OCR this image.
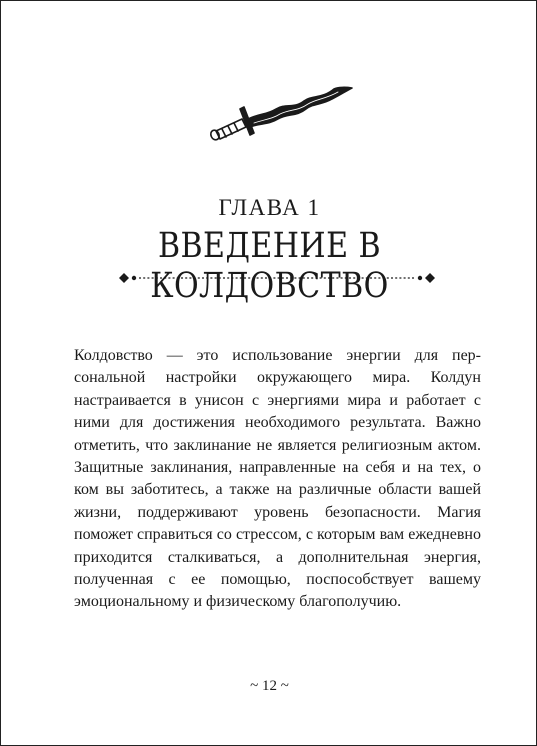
ГЛАВА 1
ВВЕДЕНИЕ В КОЛДОВСТВО

Колдовство — это использование энергии для персональной настройки окружающего мира. Колдун настраивается в унисон с энергиями мира и работает с ними для достижения необходимого результата. Важно отметить, что заклинание не является религиозным актом. Защитные заклинания, направленные на себя и на тех, о ком вы заботитесь, а также на различные области вашей жизни, поддерживают уровень безопасности. Магия поможет справиться со стрессом, с которым вам ежедневно приходится сталкиваться, а дополнительная энергия, полученная с ее помощью, поспособствует вашему эмоциональному и физическому благополучию.

~ 12 ~
